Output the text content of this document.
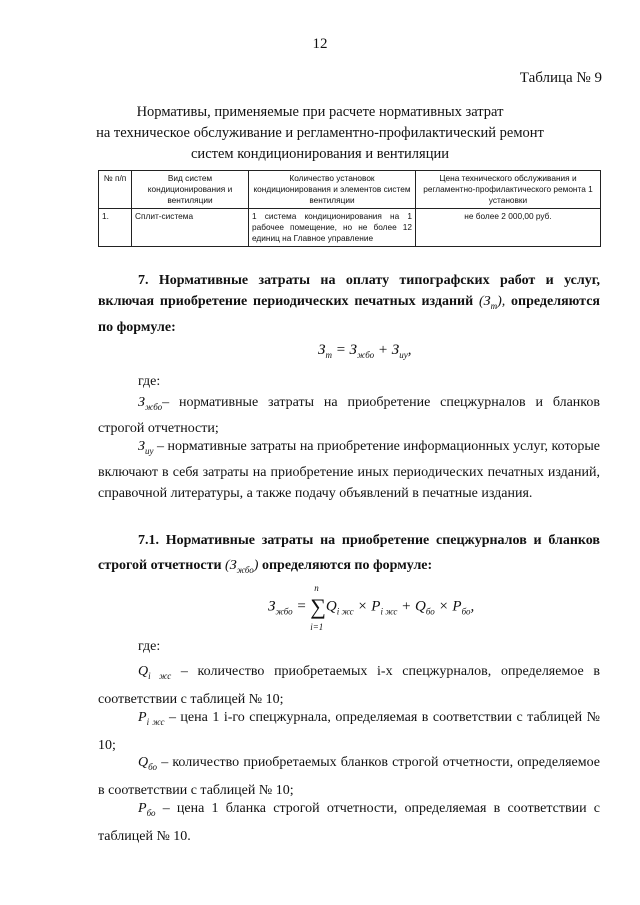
12
Таблица № 9
Нормативы, применяемые при расчете нормативных затрат
на техническое обслуживание и регламентно-профилактический ремонт
систем кондиционирования и вентиляции
№ п/п	Вид систем кондиционирования и вентиляции	Количество установок кондиционирования и элементов систем вентиляции	Цена технического обслуживания и регламентно-профилактического ремонта 1 установки
1.	Сплит-система	1 система кондиционирования на 1 рабочее помещение, но не более 12 единиц на Главное управление	не более 2 000,00 руб.
7. Нормативные затраты на оплату типографских работ и услуг, включая приобретение периодических печатных изданий $(З_т)$, определяются по формуле:
$З_т = З_{жбо} + З_{иу}$,
где:
$З_{жбо}-$ нормативные затраты на приобретение спецжурналов и бланков строгой отчетности;
$З_{иу}$ – нормативные затраты на приобретение информационных услуг, которые включают в себя затраты на приобретение иных периодических печатных изданий, справочной литературы, а также подачу объявлений в печатные издания.
7.1. Нормативные затраты на приобретение спецжурналов и бланков строгой отчетности $(З_{жбо})$ определяются по формуле:
$З_{жбо}$ =
n
∑
i=1
$Q_{i жс} \times P_{i жс} + Q_{бо} \times P_{бо}$,
где:
$Q_{i жс}$ – количество приобретаемых i-х спецжурналов, определяемое в соответствии с таблицей № 10;
$P_{i жс}$ – цена 1 i-го спецжурнала, определяемая в соответствии с таблицей № 10;
$Q_{бо}$ – количество приобретаемых бланков строгой отчетности, определяемое в соответствии с таблицей № 10;
$P_{бо}$ – цена 1 бланка строгой отчетности, определяемая в соответствии с таблицей № 10.
